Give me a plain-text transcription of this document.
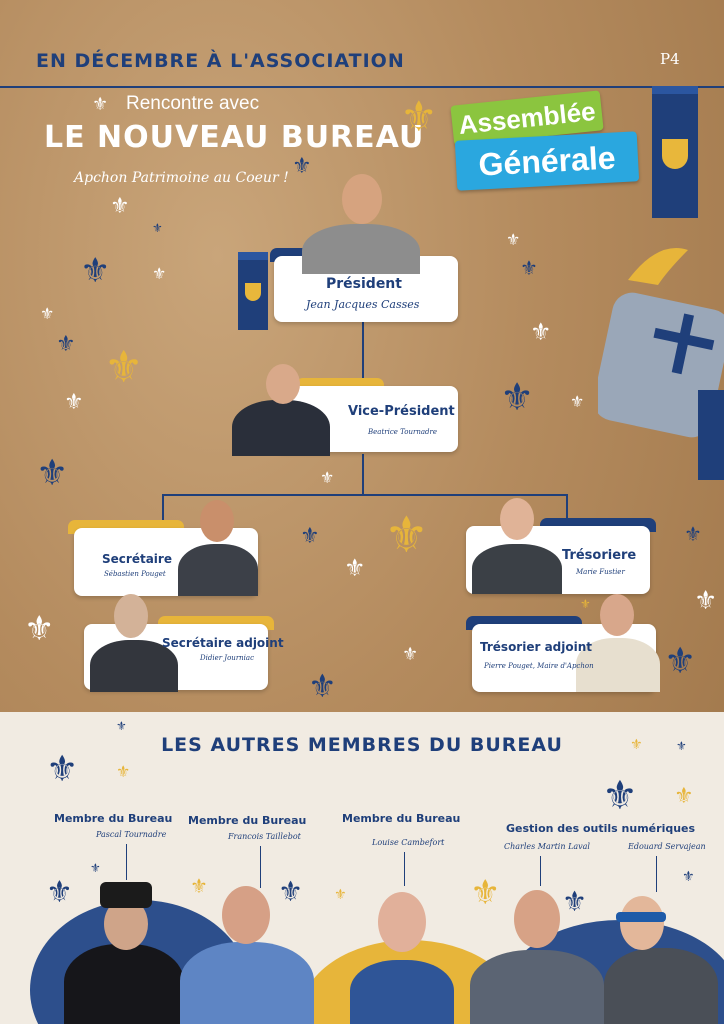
EN DÉCEMBRE À L'ASSOCIATION	P4
⚜ Rencontre avec
LE NOUVEAU BUREAU
Apchon Patrimoine au Coeur !
Assemblée
Générale
⚜
⚜
⚜
⚜
⚜	⚜
⚜
⚜ ⚜
⚜
⚜
⚜
⚜
⚜
⚜ ⚜
⚜
⚜ ⚜
⚜
⚜
⚜
⚜
⚜
⚜	⚜
⚜
Président
Jean Jacques Casses
Vice-Président
Beatrice Tournadre
Secrétaire
Sébastien Pouget
Secrétaire adjoint
Didier Journiac
Trésoriere
Marie Fustier
Trésorier adjoint
Pierre Pouget, Maire d'Apchon
LES AUTRES MEMBRES DU BUREAU
⚜
⚜
⚜
⚜	⚜
⚜ ⚜
⚜
⚜	⚜	⚜ ⚜	⚜ ⚜
⚜
Membre du Bureau
Pascal Tournadre
Membre du Bureau
Francois Taillebot
Membre du Bureau
Louise Cambefort
Gestion des outils numériques
Charles Martin Laval	Edouard Servajean
